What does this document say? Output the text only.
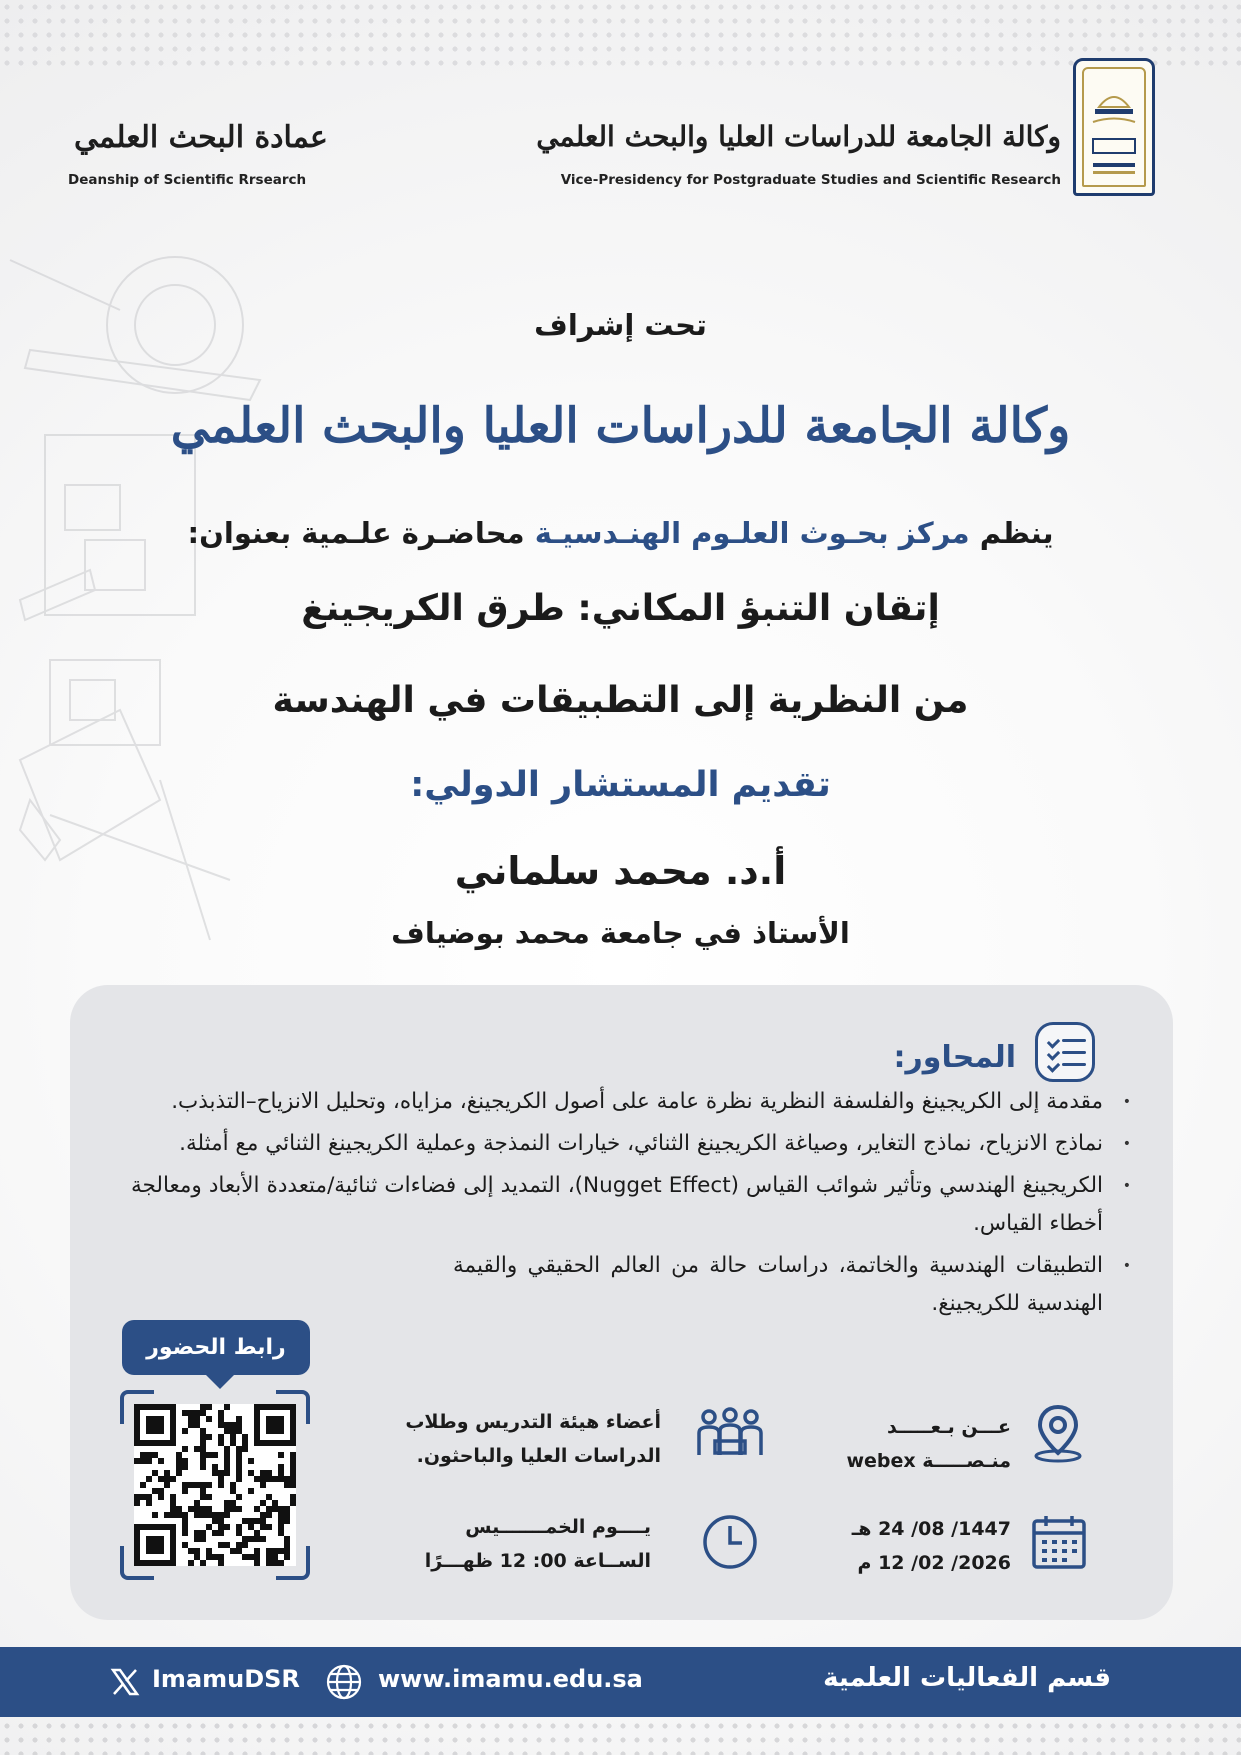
وكالة الجامعة للدراسات العليا والبحث العلمي
Vice-Presidency for Postgraduate Studies and Scientific Research
عمادة البحث العلمي
Deanship of Scientific Rrsearch
تحت إشراف
وكالة الجامعة للدراسات العليا والبحث العلمي
ينظم مركز بحـوث العلـوم الهنـدسيـة محاضـرة علـمية بعنوان:
إتقان التنبؤ المكاني: طرق الكريجينغ
من النظرية إلى التطبيقات في الهندسة
تقديم المستشار الدولي:
أ.د. محمد سلماني
الأستاذ في جامعة محمد بوضياف
المحاور:
• مقدمة إلى الكريجينغ والفلسفة النظرية نظرة عامة على أصول الكريجينغ، مزاياه، وتحليل الانزياح–التذبذب.
• نماذج الانزياح، نماذج التغاير، وصياغة الكريجينغ الثنائي، خيارات النمذجة وعملية الكريجينغ الثنائي مع أمثلة.
• الكريجينغ الهندسي وتأثير شوائب القياس (Nugget Effect)، التمديد إلى فضاءات ثنائية/متعددة الأبعاد ومعالجة أخطاء القياس.
• التطبيقات الهندسية والخاتمة، دراسات حالة من العالم الحقيقي والقيمة الهندسية للكريجينغ.
رابط الحضور
عـــن بـعـــــد
منـصـــــة webex
أعضاء هيئة التدريس وطلاب
الدراسات العليا والباحثون.
1447/ 08/ 24 هـ
2026/ 02/ 12 م
يــــوم الخمـــــــيس
الســاعة 00: 12 ظهـــرًا
قسم الفعاليات العلمية
www.imamu.edu.sa
ImamuDSR
